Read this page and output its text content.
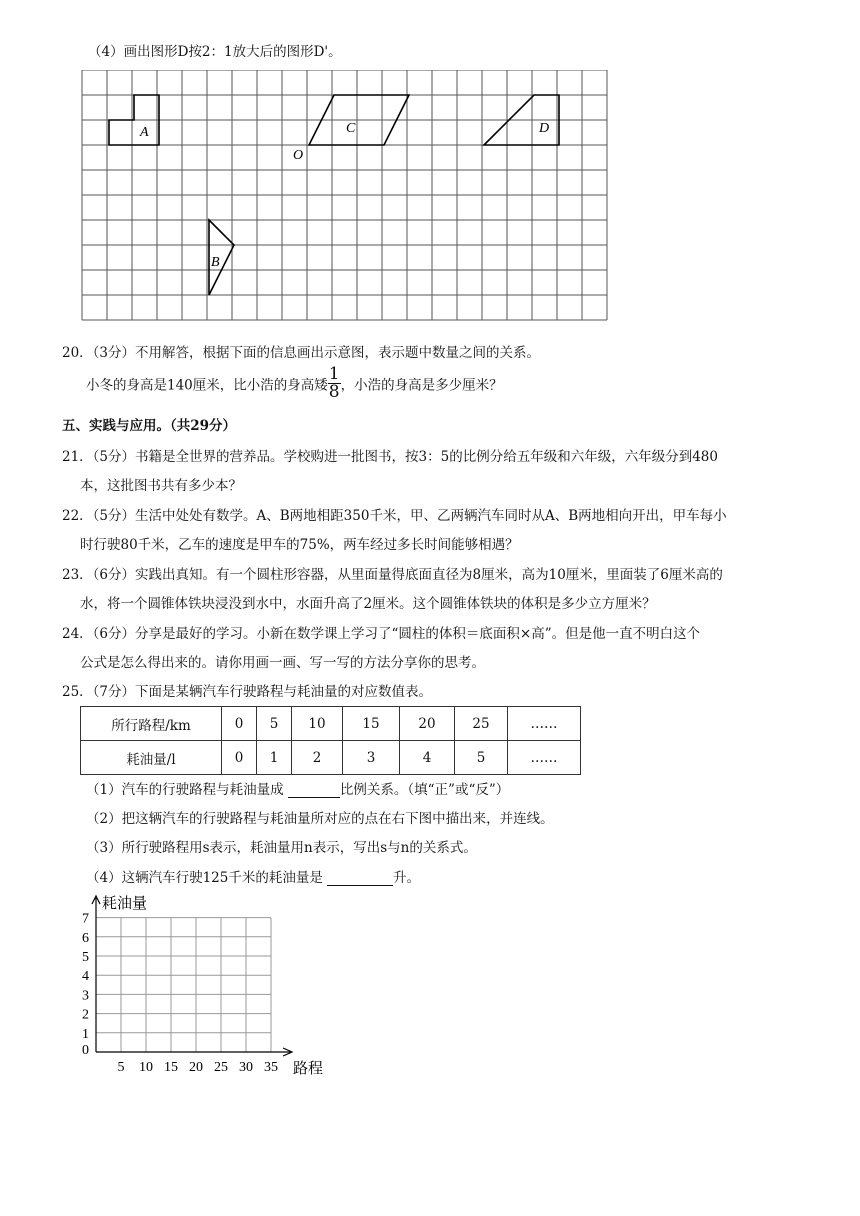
（4）画出图形D按2：1放大后的图形D'。
A	C	D
B
O
20．（3分）不用解答，根据下面的信息画出示意图，表示题中数量之间的关系。
小冬的身高是140厘米，比小浩的身高矮 $\frac{1}{8}$ ，小浩的身高是多少厘米？
五、实践与应用。（共29分）
21．（5分）书籍是全世界的营养品。学校购进一批图书，按3：5的比例分给五年级和六年级，六年级分到480
本，这批图书共有多少本？
22．（5分）生活中处处有数学。A、B两地相距350千米，甲、乙两辆汽车同时从A、B两地相向开出，甲车每小
时行驶80千米，乙车的速度是甲车的75%，两车经过多长时间能够相遇？
23．（6分）实践出真知。有一个圆柱形容器，从里面量得底面直径为8厘米，高为10厘米，里面装了6厘米高的
水，将一个圆锥体铁块浸没到水中，水面升高了2厘米。这个圆锥体铁块的体积是多少立方厘米？
24．（6分）分享是最好的学习。小新在数学课上学习了“圆柱的体积＝底面积×高”。但是他一直不明白这个
公式是怎么得出来的。请你用画一画、写一写的方法分享你的思考。
25．（7分）下面是某辆汽车行驶路程与耗油量的对应数值表。
所行路程/km	0	5	10	15	20	25	……
耗油量/l	0	1	2	3	4	5	……
（1）汽车的行驶路程与耗油量成	比例关系。（填“正”或“反”）
（2）把这辆汽车的行驶路程与耗油量所对应的点在右下图中描出来，并连线。
（3）所行驶路程用s表示，耗油量用n表示，写出s与n的关系式。
（4）这辆汽车行驶125千米的耗油量是	升。
1
2
3
4
5
6
7
5 10 15 20 25 30 35
0
耗油量
路程
